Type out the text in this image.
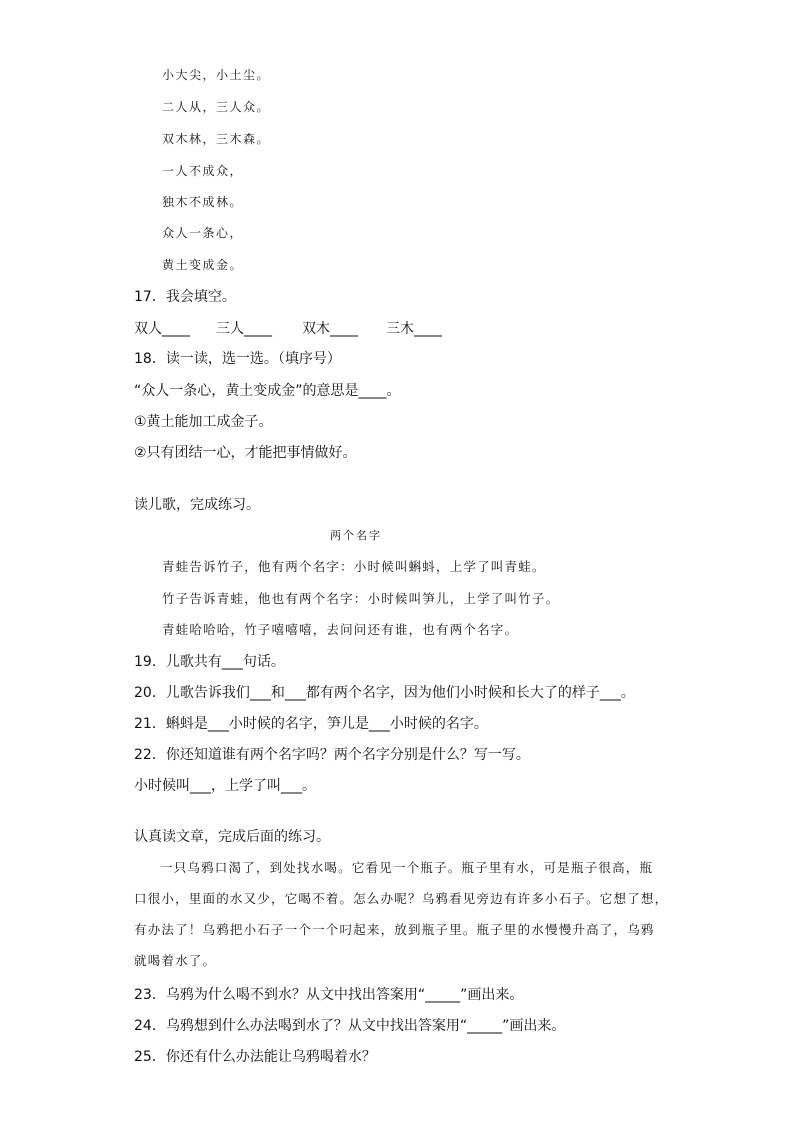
小大尖，小土尘。
二人从，三人众。
双木林，三木森。
一人不成众，
独木不成林。
众人一条心，
黄土变成金。
17．我会填空。
双人____ 三人____ 双木____ 三木____
18．读一读，选一选。（填序号）
“众人一条心，黄土变成金”的意思是____。
①黄土能加工成金子。
②只有团结一心，才能把事情做好。
读儿歌，完成练习。
两个名字
青蛙告诉竹子，他有两个名字：小时候叫蝌蚪，上学了叫青蛙。
竹子告诉青蛙，他也有两个名字：小时候叫笋儿，上学了叫竹子。
青蛙哈哈哈，竹子嘻嘻嘻，去问问还有谁，也有两个名字。
19．儿歌共有___句话。
20．儿歌告诉我们___和___都有两个名字，因为他们小时候和长大了的样子___。
21．蝌蚪是___小时候的名字，笋儿是___小时候的名字。
22．你还知道谁有两个名字吗？两个名字分别是什么？写一写。
小时候叫___，上学了叫___。
认真读文章，完成后面的练习。
一只乌鸦口渴了，到处找水喝。它看见一个瓶子。瓶子里有水，可是瓶子很高，瓶
口很小，里面的水又少，它喝不着。怎么办呢？乌鸦看见旁边有许多小石子。它想了想，
有办法了！乌鸦把小石子一个一个叼起来，放到瓶子里。瓶子里的水慢慢升高了，乌鸦
就喝着水了。
23．乌鸦为什么喝不到水？从文中找出答案用“_____”画出来。
24．乌鸦想到什么办法喝到水了？从文中找出答案用“_____”画出来。
25．你还有什么办法能让乌鸦喝着水？
